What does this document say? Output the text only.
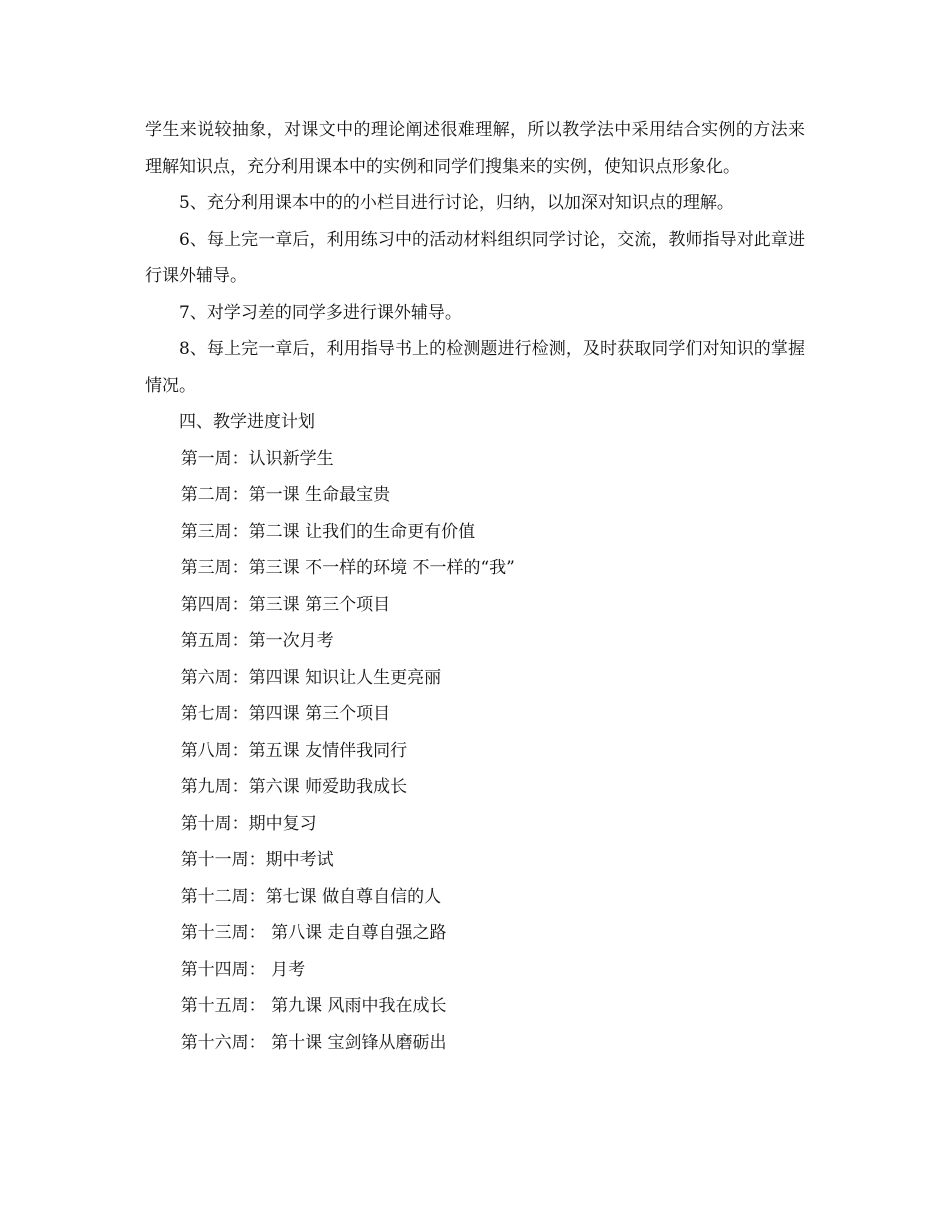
学生来说较抽象，对课文中的理论阐述很难理解，所以教学法中采用结合实例的方法来理解知识点，充分利用课本中的实例和同学们搜集来的实例，使知识点形象化。

5、充分利用课本中的的小栏目进行讨论，归纳，以加深对知识点的理解。

6、每上完一章后，利用练习中的活动材料组织同学讨论，交流，教师指导对此章进行课外辅导。

7、对学习差的同学多进行课外辅导。

8、每上完一章后，利用指导书上的检测题进行检测，及时获取同学们对知识的掌握情况。

四、教学进度计划

第一周：认识新学生
第二周：第一课 生命最宝贵
第三周：第二课 让我们的生命更有价值
第三周：第三课 不一样的环境 不一样的“我”
第四周：第三课 第三个项目
第五周：第一次月考
第六周：第四课 知识让人生更亮丽
第七周：第四课 第三个项目
第八周：第五课 友情伴我同行
第九周：第六课 师爱助我成长
第十周：期中复习
第十一周：期中考试
第十二周：第七课 做自尊自信的人
第十三周： 第八课 走自尊自强之路
第十四周： 月考
第十五周： 第九课 风雨中我在成长
第十六周： 第十课 宝剑锋从磨砺出
